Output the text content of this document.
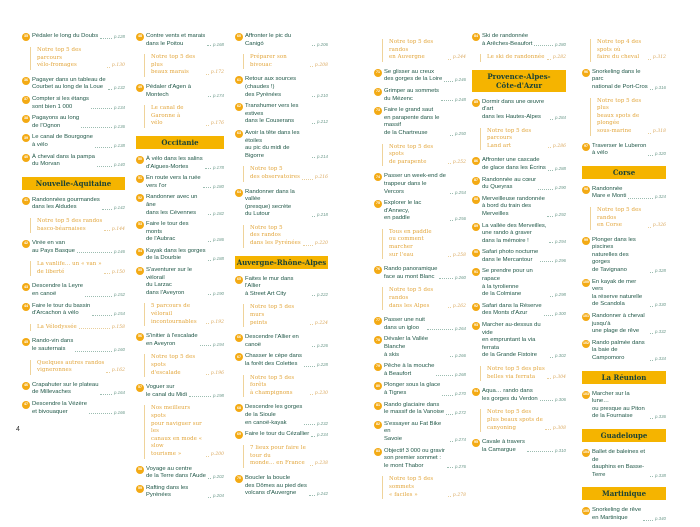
35 Pédaler le long du Doubs	p.128
Notre top 5 des parcours
vélo-fromages	p.130
36 Pagayer dans un tableau de
Courbet au long de la Loue	p.132
37 Compter si les étangs
sont bien 1 000	p.134
38 Pagayons au long
de l'Ognon	p.136
39 Le canal de Bourgogne
à vélo	p.138
40 À cheval dans la pampa
du Morvan	p.140
Nouvelle-Aquitaine
41 Randonnées gourmandes
dans les Aldudes	p.142
Notre top 5 des randos
basco-béarnaises	p.144
42 Virée en van
au Pays Basque	p.146
La vanlife… un « van »
de liberté	p.150
43 Descendre la Leyre
en canoë	p.152
44 Faire le tour du bassin
d'Arcachon à vélo	p.154
La Vélodyssée	p.158
45 Rando-vin dans
le sauternais	p.160
Quelques autres randos
vigneronnes	p.162
46 Crapahuter sur le plateau
de Millevaches	p.164
47 Descendre la Vézère
et bivouaquer	p.166
48 Contre vents et marais
dans le Poitou	p.168
Notre top 5 des plus
beaux marais	p.172
49 Pédaler d'Agen à Montech	p.174
Le canal de Garonne à
vélo	p.176
Occitanie
50 À vélo dans les salins
d'Aigues-Mortes	p.178
51 En route vers la ruée
vers l'or	p.180
52 Randonner avec un âne
dans les Cévennes	p.182
53 Faire le tour des monts
de l'Aubrac	p.186
54 Kayak dans les gorges
de la Dourbie	p.188
55 S'aventurer sur le vélorail
du Larzac
dans l'Aveyron	p.190
5 parcours de vélorail
incontournables	p.192
56 S'initier à l'escalade
en Aveyron	p.194
Notre top 5 des spots
d'escalade	p.196
57 Voguer sur
le canal du Midi	p.198
Nos meilleurs spots
pour naviguer sur les
canaux en mode « slow
tourisme »	p.200
58 Voyage au centre
de la Terre dans l'Aude p.202
59 Rafting dans les Pyrénées	p.204
60 Affronter le pic du Canigó	p.206
Préparer son bivouac	p.208
61 Retour aux sources (chaudes !)
des Pyrénées	p.210
62 Transhumer vers les estives
dans le Couserans	p.212
63 Avoir la tête dans les étoiles
au pic du midi de Bigorre	p.214
Notre top 5
des observatoires	p.216
64 Randonner dans la vallée
(presque) secrète
du Lutour	p.218
Notre top 5
des randos
dans les Pyrénées	p.220
Auvergne-Rhône-Alpes
65 Faites le mur dans l'Allier
à Street Art City	p.222
Notre top 5 des murs
peints	p.224
66 Descendre l'Allier en canoë	p.226
67 Chasser le cèpe dans
la forêt des Colettes	p.228
Notre top 5 des forêts
à champignons	p.230
68 Descendre les gorges
de la Sioule
en canoë-kayak	p.232
69 Faire le tour du Cézallier p.234
7 lieux pour faire le tour du
monde… en France	p.238
70 Boucler la boucle
des Dômes au pied des
volcans d'Auvergne	p.242
Notre top 5 des randos
en Auvergne	p.244
71 Se glisser au creux
des gorges de la Loire	p.246
72 Grimper au sommets
du Mézenc	p.248
73 Faire le grand saut
en parapente dans le massif
de la Chartreuse	p.250
Notre top 5 des spots
de parapente	p.252
74 Passer un week-end de
trappeur dans le Vercors	p.254
75 Explorer le lac d'Annecy,
en paddle	p.256
Tous en paddle
ou comment marcher
sur l'eau	p.258
76 Rando panoramique
face au mont Blanc	p.260
Notre top 5 des randos
dans les Alpes	p.262
77 Passer une nuit
dans un igloo	p.264
78 Dévaler la Vallée Blanche
à skis	p.266
79 Pêche à la mouche
à Beaufort	p.268
80 Plonger sous la glace
à Tignes	p.270
81 Rando glaciaire dans
le massif de la Vanoise p.272
82 S'essayer au Fat Bike en
Savoie	p.274
83 Objectif 3 000 ou gravir
son premier sommet :
le mont Thabor	p.276
Notre top 5 des sommets
« faciles »	p.278
84 Ski de randonnée
à Arêches-Beaufort	p.280
Le ski de randonnée p.282
Provence-Alpes-
Côte-d'Azur
85 Dormir dans une œuvre d'art
dans les Hautes-Alpes	p.284
Notre top 5 des parcours
Land art	p.286
86 Affronter une cascade
de glace dans les Écrins p.288
87 Randonnée au cœur
du Queyras	p.290
88 Merveilleuse randonnée
à bord du train des
Merveilles	p.292
89 La vallée des Merveilles,
une rando à graver
dans la mémoire !	p.294
90 Safari photo nocturne
dans le Mercantour	p.296
91 Se prendre pour un rapace
à la tyrolienne
de la Colmiane	p.298
92 Safari dans la Réserve
des Monts d'Azur	p.300
93 Marcher au-dessus du vide
en empruntant la via ferrata
de la Grande Fistoire	p.302
Notre top 5 des plus
belles via ferrata	p.304
94 Aqua… rando dans
les gorges du Verdon	p.306
Notre top 5 des
plus beaux spots de
canyoning	p.308
95 Cavale à travers
la Camargue	p.310
Notre top 4 des spots où
faire du cheval	p.312
96 Snorkeling dans le parc
national de Port-Cros p.316
Notre top 5 des plus
beaux spots de plongée
sous-marine	p.318
97 Traverser le Luberon
à vélo	p.320
Corse
98 Randonnée
Mare e Monti	p.324
Notre top 5 des randos
en Corse	p.326
99 Plonger dans les piscines
naturelles des gorges
de Tavignano	p.328
100 En kayak de mer vers
la réserve naturelle
de Scandola	p.330
101 Randonner à cheval jusqu'à
une plage de rêve	p.332
102 Rando palmée dans
la baie de Campomoro	p.334
La Réunion
103 Marcher sur la lune…
ou presque au Piton
de la Fournaise	p.336
Guadeloupe
104 Ballet de baleines et de
dauphins en Basse-Terre	p.338
Martinique
105 Snorkeling de rêve
en Martinique	p.340
4
